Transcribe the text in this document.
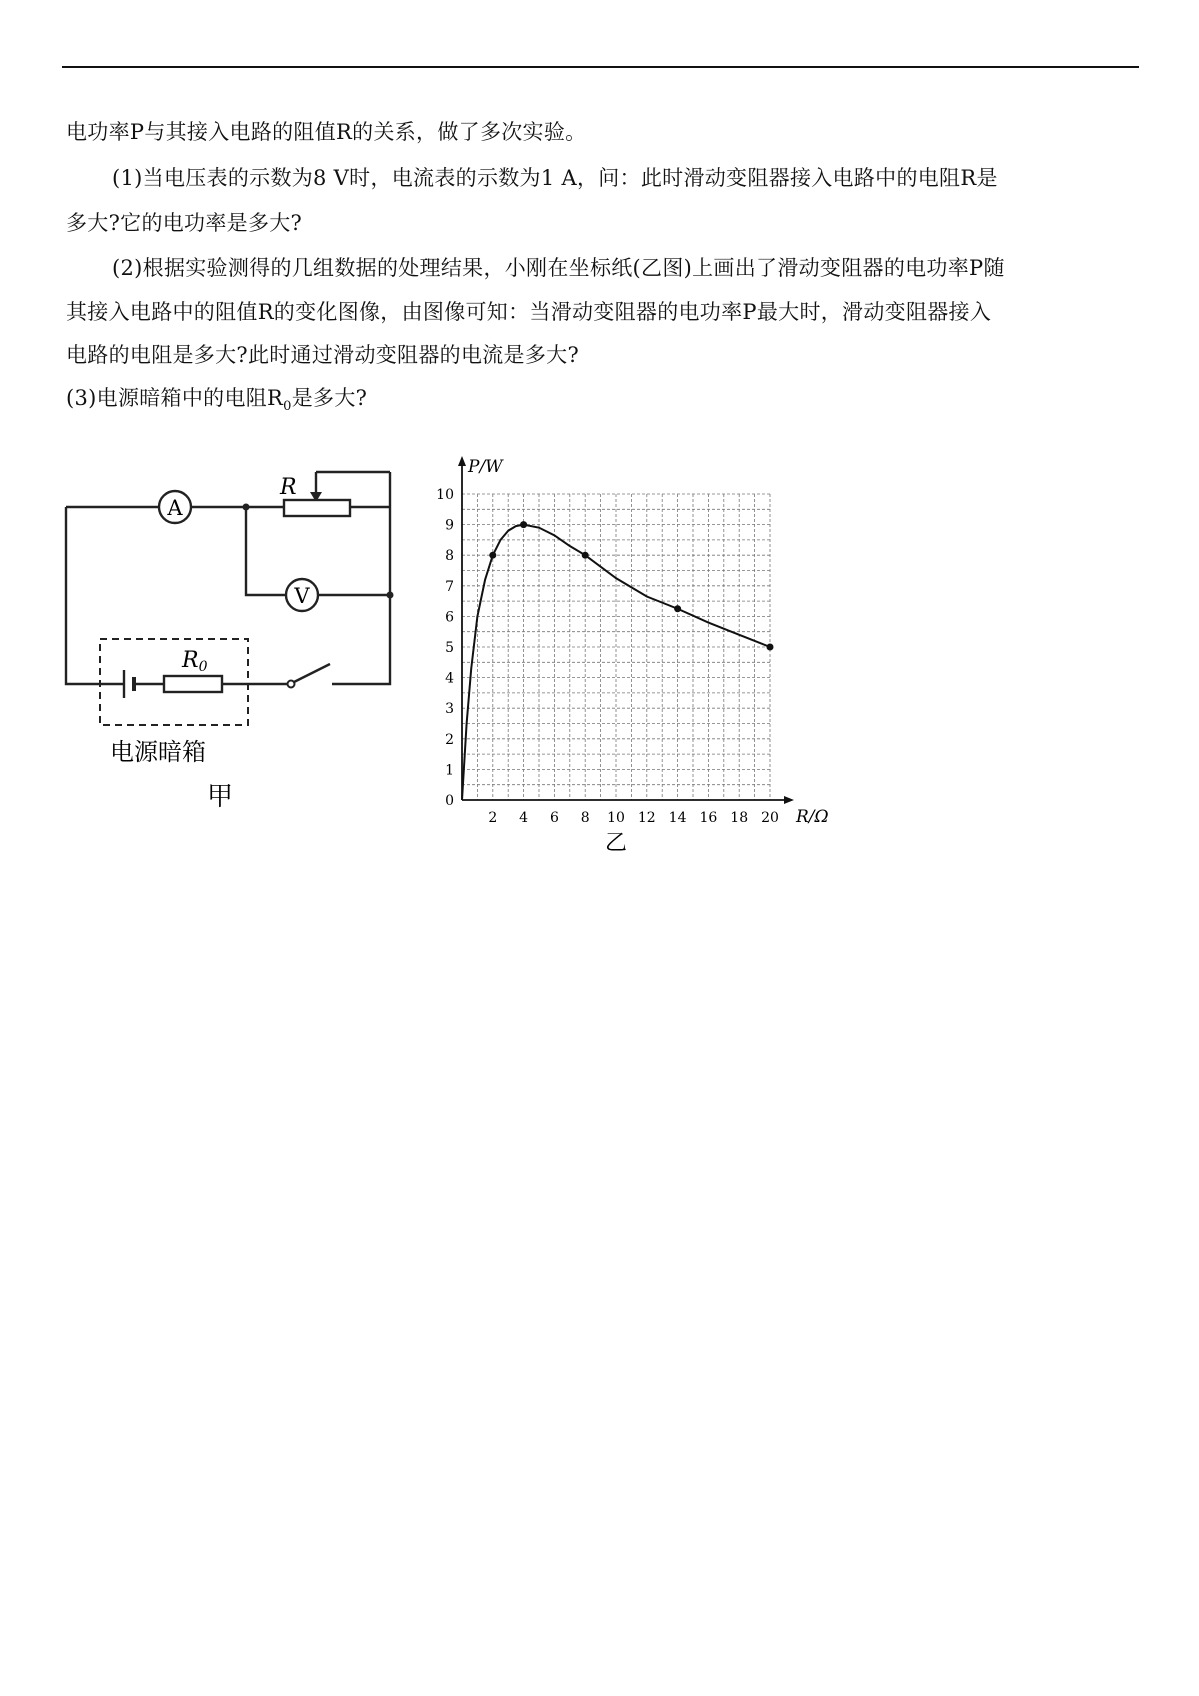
电功率P与其接入电路的阻值R的关系，做了多次实验。
(1)当电压表的示数为8 V时，电流表的示数为1 A，问：此时滑动变阻器接入电路中的电阻R是
多大?它的电功率是多大?
(2)根据实验测得的几组数据的处理结果，小刚在坐标纸(乙图)上画出了滑动变阻器的电功率P随
其接入电路中的阻值R的变化图像，由图像可知：当滑动变阻器的电功率P最大时，滑动变阻器接入
电路的电阻是多大?此时通过滑动变阻器的电流是多大?
(3)电源暗箱中的电阻$R_0$是多大?
A
R
V
R0
电源暗箱
甲	0
1
2
3
4
5
6
7
8
9
10
2 4 6 8 10 12 14 16 18 20
P/W
R/Ω
乙
